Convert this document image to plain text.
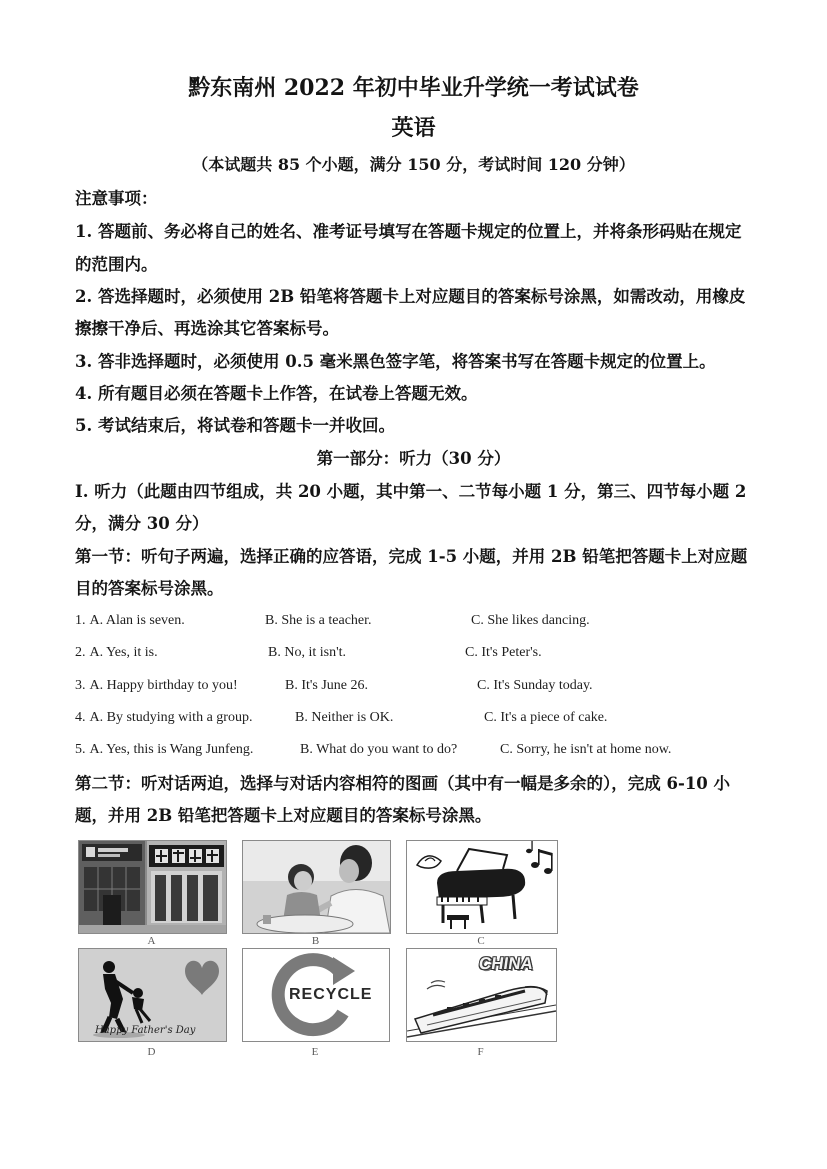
黔东南州 2022 年初中毕业升学统一考试试卷
英语
（本试题共 85 个小题，满分 150 分，考试时间 120 分钟）
注意事项：
1. 答题前、务必将自己的姓名、准考证号填写在答题卡规定的位置上，并将条形码贴在规定
的范围内。
2. 答选择题时，必须使用 2B 铅笔将答题卡上对应题目的答案标号涂黑，如需改动，用橡皮
擦擦干净后、再选涂其它答案标号。
3. 答非选择题时，必须使用 0.5 毫米黑色签字笔，将答案书写在答题卡规定的位置上。
4. 所有题目必须在答题卡上作答，在试卷上答题无效。
5. 考试结束后，将试卷和答题卡一并收回。
第一部分：听力（30 分）
Ⅰ. 听力（此题由四节组成，共 20 小题，其中第一、二节每小题 1 分，第三、四节每小题 2
分，满分 30 分）
第一节：听句子两遍，选择正确的应答语，完成 1-5 小题，并用 2B 铅笔把答题卡上对应题
目的答案标号涂黑。
1. A. Alan is seven.	B. She is a teacher.	C. She likes dancing.
2. A. Yes, it is.	B. No, it isn't.	C. It's Peter's.
3. A. Happy birthday to you!	B. It's June 26.	C. It's Sunday today.
4. A. By studying with a group.	B. Neither is OK.	C. It's a piece of cake.
5. A. Yes, this is Wang Junfeng.	B. What do you want to do?	C. Sorry, he isn't at home now.
第二节：听对话两迫，选择与对话内容相符的图画（其中有一幅是多余的），完成 6-10 小
题，并用 2B 铅笔把答题卡上对应题目的答案标号涂黑。
A	B	C
Happy Father's Day
D
RECYCLE
E
CHINA
F
